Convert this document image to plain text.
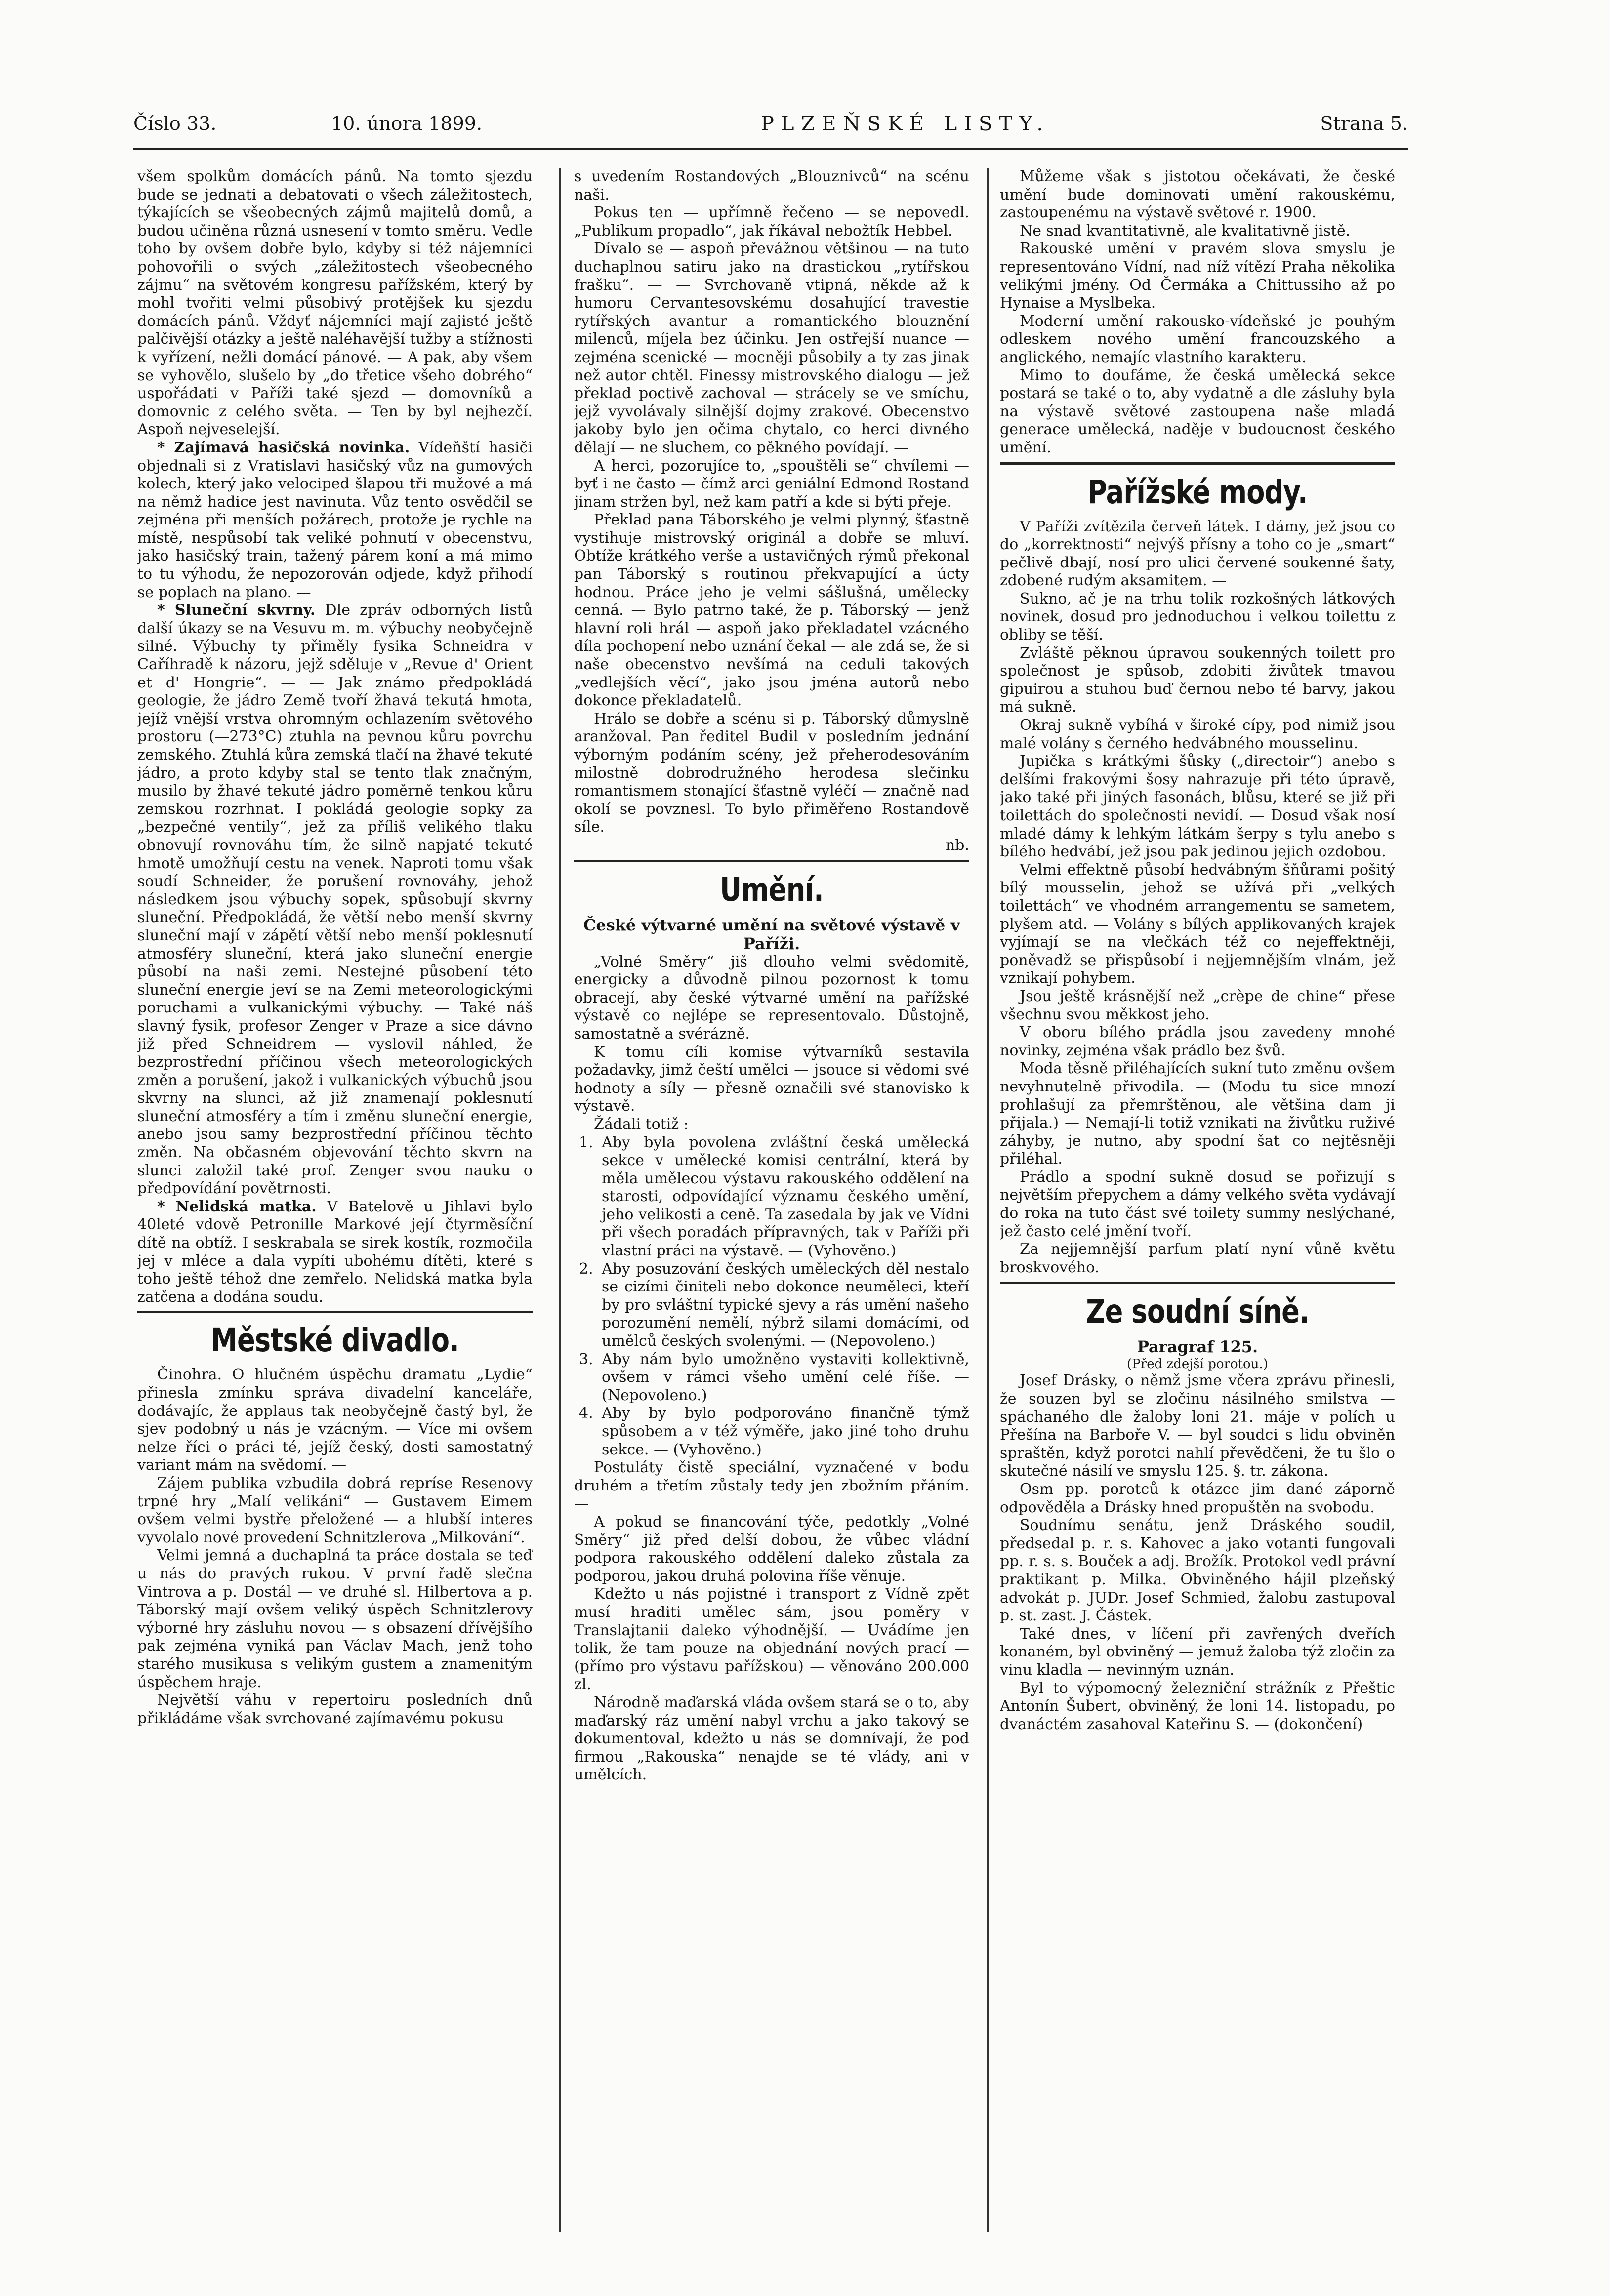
Číslo 33.	10. února 1899.	PLZEŇSKÉ LISTY.	Strana 5.

všem spolkům domácích pánů. Na tomto sjezdu bude se jednati a debatovati o všech záležitostech, týkajících se všeobecných zájmů majitelů domů, a budou učiněna různá usnesení v tomto směru. Vedle toho by ovšem dobře bylo, kdyby si též nájemníci pohovořili o svých „záležitostech všeobecného zájmu“ na světovém kongresu pařížském, který by mohl tvořiti velmi působivý protějšek ku sjezdu domácích pánů. Vždyť nájemníci mají zajisté ještě palčivější otázky a ještě naléhavější tužby a stížnosti k vyřízení, nežli domácí pánové. — A pak, aby všem se vyhovělo, slušelo by „do třetice všeho dobrého“ uspořádati v Paříži také sjezd — domovníků a domovnic z celého světa. — Ten by byl nejhezčí. Aspoň nejveselejší.

* Zajímavá hasičská novinka. Vídeňští hasiči objednali si z Vratislavi hasičský vůz na gumových kolech, který jako velociped šlapou tři mužové a má na němž hadice jest navinuta. Vůz tento osvědčil se zejména při menších požárech, protože je rychle na místě, nespůsobí tak veliké pohnutí v obecenstvu, jako hasičský train, tažený párem koní a má mimo to tu výhodu, že nepozorován odjede, když přihodí se poplach na plano. —

* Sluneční skvrny. Dle zpráv odborných listů další úkazy se na Vesuvu m. m. výbuchy neobyčejně silné. Výbuchy ty přiměly fysika Schneidra v Caříhradě k názoru, jejž sděluje v „Revue d' Orient et d' Hongrie“. — — Jak známo předpokládá geologie, že jádro Země tvoří žhavá tekutá hmota, jejíž vnější vrstva ohromným ochlazením světového prostoru (—273°C) ztuhla na pevnou kůru povrchu zemského. Ztuhlá kůra zemská tlačí na žhavé tekuté jádro, a proto kdyby stal se tento tlak značným, musilo by žhavé tekuté jádro poměrně tenkou kůru zemskou rozrhnat. I pokládá geologie sopky za „bezpečné ventily“, jež za příliš velikého tlaku obnovují rovnováhu tím, že silně napjaté tekuté hmotě umožňují cestu na venek. Naproti tomu však soudí Schneider, že porušení rovnováhy, jehož následkem jsou výbuchy sopek, spůsobují skvrny sluneční. Předpokládá, že větší nebo menší skvrny sluneční mají v zápětí větší nebo menší poklesnutí atmosféry sluneční, která jako sluneční energie působí na naši zemi. Nestejné působení této sluneční energie jeví se na Zemi meteorologickými poruchami a vulkanickými výbuchy. — Také náš slavný fysik, profesor Zenger v Praze a sice dávno již před Schneidrem — vyslovil náhled, že bezprostřední příčinou všech meteorologických změn a porušení, jakož i vulkanických výbuchů jsou skvrny na slunci, až již znamenají poklesnutí sluneční atmosféry a tím i změnu sluneční energie, anebo jsou samy bezprostřední příčinou těchto změn. Na občasném objevování těchto skvrn na slunci založil také prof. Zenger svou nauku o předpovídání povětrnosti.

* Nelidská matka. V Batelově u Jihlavi bylo 40leté vdově Petronille Markové její čtyrměsíční dítě na obtíž. I seskrabala se sirek kostík, rozmočila jej v mléce a dala vypíti ubohému dítěti, které s toho ještě téhož dne zemřelo. Nelidská matka byla zatčena a dodána soudu.

Městské divadlo.

Činohra. O hlučném úspěchu dramatu „Lydie“ přinesla zmínku správa divadelní kanceláře, dodávajíc, že applaus tak neobyčejně častý byl, že sjev podobný u nás je vzácným. — Více mi ovšem nelze říci o práci té, jejíž český, dosti samostatný variant mám na svědomí. —

Zájem publika vzbudila dobrá repríse Resenovy trpné hry „Malí velikáni“ — Gustavem Eimem ovšem velmi bystře přeložené — a hlubší interes vyvolalo nové provedení Schnitzlerova „Milkování“.

Velmi jemná a duchaplná ta práce dostala se teď u nás do pravých rukou. V první řadě slečna Vintrova a p. Dostál — ve druhé sl. Hilbertova a p. Táborský mají ovšem veliký úspěch Schnitzlerovy výborné hry zásluhu novou — s obsazení dřívějšího pak zejména vyniká pan Václav Mach, jenž toho starého musikusa s velikým gustem a znamenitým úspěchem hraje.

Největší váhu v repertoiru posledních dnů přikládáme však svrchované zajímavému pokusu

s uvedením Rostandových „Blouznivců“ na scénu naši.

Pokus ten — upřímně řečeno — se nepovedl. „Publikum propadlo“, jak říkával nebožtík Hebbel.

Dívalo se — aspoň převážnou většinou — na tuto duchaplnou satiru jako na drastickou „rytířskou frašku“. — — Svrchovaně vtipná, někde až k humoru Cervantesovskému dosahující travestie rytířských avantur a romantického blouznění milenců, míjela bez účinku. Jen ostřejší nuance — zejména scenické — mocněji působily a ty zas jinak než autor chtěl. Finessy mistrovského dialogu — jež překlad poctivě zachoval — strácely se ve smíchu, jejž vyvolávaly silnější dojmy zrakové. Obecenstvo jakoby bylo jen očima chytalo, co herci divného dělají — ne sluchem, co pěkného povídají. —

A herci, pozorujíce to, „spouštěli se“ chvílemi — byť i ne často — čímž arci geniální Edmond Rostand jinam stržen byl, než kam patří a kde si býti přeje.

Překlad pana Táborského je velmi plynný, šťastně vystihuje mistrovský originál a dobře se mluví. Obtíže krátkého verše a ustavičných rýmů překonal pan Táborský s routinou překvapující a úcty hodnou. Práce jeho je velmi sášlušná, umělecky cenná. — Bylo patrno také, že p. Táborský — jenž hlavní roli hrál — aspoň jako překladatel vzácného díla pochopení nebo uznání čekal — ale zdá se, že si naše obecenstvo nevšímá na ceduli takových „vedlejších věcí“, jako jsou jména autorů nebo dokonce překladatelů.

Hrálo se dobře a scénu si p. Táborský důmyslně aranžoval. Pan ředitel Budil v posledním jednání výborným podáním scény, jež přeherodesováním milostně dobrodružného herodesa slečinku romantismem stonající šťastně vyléčí — značně nad okolí se povznesl. To bylo přiměřeno Rostandově síle.

nb.

Umění.
České výtvarné umění na světové výstavě v Paříži.

„Volné Směry“ jiš dlouho velmi svědomitě, energicky a důvodně pilnou pozornost k tomu obracejí, aby české výtvarné umění na pařížské výstavě co nejlépe se representovalo. Důstojně, samostatně a svérázně.

K tomu cíli komise výtvarníků sestavila požadavky, jimž čeští umělci — jsouce si vědomi své hodnoty a síly — přesně označili své stanovisko k výstavě.

Žádali totiž :

1. Aby byla povolena zvláštní česká umělecká sekce v umělecké komisi centrální, která by měla umělecou výstavu rakouského oddělení na starosti, odpovídající významu českého umění, jeho velikosti a ceně. Ta zasedala by jak ve Vídni při všech poradách přípravných, tak v Paříži při vlastní práci na výstavě. — (Vyhověno.)
2. Aby posuzování českých uměleckých děl nestalo se cizími činiteli nebo dokonce neuměleci, kteří by pro svláštní typické sjevy a rás umění našeho porozumění nemělí, nýbrž silami domácími, od umělců českých svolenými. — (Nepovoleno.)
3. Aby nám bylo umožněno vystaviti kollektivně, ovšem v rámci všeho umění celé říše. — (Nepovoleno.)
4. Aby by bylo podporováno finančně týmž spůsobem a v též výměře, jako jiné toho druhu sekce. — (Vyhověno.)

Postuláty čistě speciální, vyznačené v bodu druhém a třetím zůstaly tedy jen zbožním přáním. —

A pokud se financování týče, pedotkly „Volné Směry“ již před delší dobou, že vůbec vládní podpora rakouského oddělení daleko zůstala za podporou, jakou druhá polovina říše věnuje.

Kdežto u nás pojistné i transport z Vídně zpět musí hraditi umělec sám, jsou poměry v Translajtanii daleko výhodnější. — Uvádíme jen tolik, že tam pouze na objednání nových prací — (přímo pro výstavu pařížskou) — věnováno 200.000 zl.

Národně maďarská vláda ovšem stará se o to, aby maďarský ráz umění nabyl vrchu a jako takový se dokumentoval, kdežto u nás se domnívají, že pod firmou „Rakouska“ nenajde se té vlády, ani v umělcích.

Můžeme však s jistotou očekávati, že české umění bude dominovati umění rakouskému, zastoupenému na výstavě světové r. 1900.

Ne snad kvantitativně, ale kvalitativně jistě.

Rakouské umění v pravém slova smyslu je representováno Vídní, nad níž vítězí Praha několika velikými jmény. Od Čermáka a Chittussiho až po Hynaise a Myslbeka.

Moderní umění rakousko-vídeňské je pouhým odleskem nového umění francouzského a anglického, nemajíc vlastního karakteru.

Mimo to doufáme, že česká umělecká sekce postará se také o to, aby vydatně a dle zásluhy byla na výstavě světové zastoupena naše mladá generace umělecká, naděje v budoucnost českého umění.

Pařížské mody.

V Paříži zvítězila červeň látek. I dámy, jež jsou co do „korrektnosti“ nejvýš přísny a toho co je „smart“ pečlivě dbají, nosí pro ulici červené soukenné šaty, zdobené rudým aksamitem. —

Sukno, ač je na trhu tolik rozkošných látkových novinek, dosud pro jednoduchou i velkou toilettu z obliby se těší.

Zvláště pěknou úpravou soukenných toilett pro společnost je spůsob, zdobiti živůtek tmavou gipuirou a stuhou buď černou nebo té barvy, jakou má sukně.

Okraj sukně vybíhá v široké cípy, pod nimiž jsou malé volány s černého hedvábného mousselinu.

Jupička s krátkými šůsky („directoir“) anebo s delšími frakovými šosy nahrazuje při této úpravě, jako také při jiných fasonách, blůsu, které se již při toilettách do společnosti nevidí. — Dosud však nosí mladé dámy k lehkým látkám šerpy s tylu anebo s bílého hedvábí, jež jsou pak jedinou jejich ozdobou.

Velmi effektně působí hedvábným šňůrami pošitý bílý mousselin, jehož se užívá při „velkých toilettách“ ve vhodném arrangementu se sametem, plyšem atd. — Volány s bílých applikovaných krajek vyjímají se na vlečkách též co nejeffektněji, poněvadž se přispůsobí i nejjemnějším vlnám, jež vznikají pohybem.

Jsou ještě krásnější než „crèpe de chine“ přese všechnu svou měkkost jeho.

V oboru bílého prádla jsou zavedeny mnohé novinky, zejména však prádlo bez švů.

Moda těsně přiléhajících sukní tuto změnu ovšem nevyhnutelně přivodila. — (Modu tu sice mnozí prohlašují za přemrštěnou, ale většina dam ji přijala.) — Nemají-li totiž vznikati na živůtku ruživé záhyby, je nutno, aby spodní šat co nejtěsněji přiléhal.

Prádlo a spodní sukně dosud se pořizují s největším přepychem a dámy velkého světa vydávají do roka na tuto část své toilety summy neslýchané, jež často celé jmění tvoří.

Za nejjemnější parfum platí nyní vůně květu broskvového.

Ze soudní síně.
Paragraf 125.
(Před zdejší porotou.)

Josef Drásky, o němž jsme včera zprávu přinesli, že souzen byl se zločinu násilného smilstva — spáchaného dle žaloby loni 21. máje v polích u Přešína na Barboře V. — byl soudci s lidu obviněn spraštěn, když porotci nahlí převědčeni, že tu šlo o skutečné násilí ve smyslu 125. §. tr. zákona.

Osm pp. porotců k otázce jim dané záporně odpověděla a Drásky hned propuštěn na svobodu.

Soudnímu senátu, jenž Dráského soudil, předsedal p. r. s. Kahovec a jako votanti fungovali pp. r. s. s. Bouček a adj. Brožík. Protokol vedl právní praktikant p. Milka. Obviněného hájil plzeňský advokát p. JUDr. Josef Schmied, žalobu zastupoval p. st. zast. J. Částek.

Také dnes, v líčení při zavřených dveřích konaném, byl obviněný — jemuž žaloba týž zločin za vinu kladla — nevinným uznán.

Byl to výpomocný železniční strážník z Přeštic Antonín Šubert, obviněný, že loni 14. listopadu, po dvanáctém zasahoval Kateřinu S. — (dokončení)
